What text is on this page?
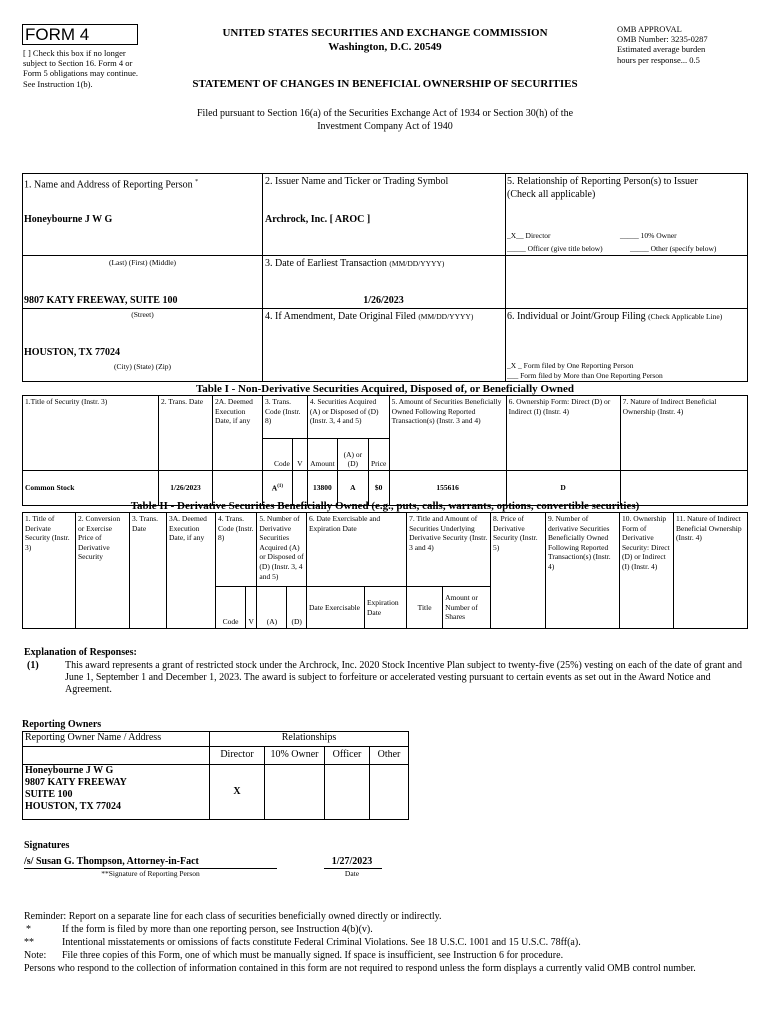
FORM 4
[ ] Check this box if no longer subject to Section 16. Form 4 or Form 5 obligations may continue. See Instruction 1(b).
UNITED STATES SECURITIES AND EXCHANGE COMMISSION
Washington, D.C. 20549
STATEMENT OF CHANGES IN BENEFICIAL OWNERSHIP OF SECURITIES
OMB APPROVAL
OMB Number: 3235-0287
Estimated average burden
hours per response... 0.5
Filed pursuant to Section 16(a) of the Securities Exchange Act of 1934 or Section 30(h) of the
Investment Company Act of 1940
1. Name and Address of Reporting Person *
Honeybourne J W G
(Last) (First) (Middle)
9807 KATY FREEWAY, SUITE 100
(Street)
HOUSTON, TX 77024
(City) (State) (Zip)
2. Issuer Name and Ticker or Trading Symbol
Archrock, Inc. [ AROC ]
3. Date of Earliest Transaction (MM/DD/YYYY)
1/26/2023
4. If Amendment, Date Original Filed (MM/DD/YYYY)
5. Relationship of Reporting Person(s) to Issuer
(Check all applicable)
_X__ Director	_____ 10% Owner
_____ Officer (give title below)	_____ Other (specify below)
6. Individual or Joint/Group Filing (Check Applicable Line)
_X _ Form filed by One Reporting Person
___ Form filed by More than One Reporting Person
Table I - Non-Derivative Securities Acquired, Disposed of, or Beneficially Owned
1.Title of Security (Instr. 3)	2. Trans. Date	2A. Deemed Execution Date, if any	3. Trans. Code (Instr. 8)		4. Securities Acquired (A) or Disposed of (D) (Instr. 3, 4 and 5)			5. Amount of Securities Beneficially Owned Following Reported Transaction(s) (Instr. 3 and 4)	6. Ownership Form: Direct (D) or Indirect (I) (Instr. 4)	7. Nature of Indirect Beneficial Ownership (Instr. 4)
			Code	V	Amount	(A) or (D)	Price			
Common Stock	1/26/2023		$A^{(1)}$		13800	A	$0	155616	D	
Table II - Derivative Securities Beneficially Owned (e.g., puts, calls, warrants, options, convertible securities)
1. Title of Derivate Security (Instr. 3)	2. Conversion or Exercise Price of Derivative Security	3. Trans. Date	3A. Deemed Execution Date, if any	4. Trans. Code (Instr. 8)		5. Number of Derivative Securities Acquired (A) or Disposed of (D) (Instr. 3, 4 and 5)		6. Date Exercisable and Expiration Date		7. Title and Amount of Securities Underlying Derivative Security (Instr. 3 and 4)		8. Price of Derivative Security (Instr. 5)	9. Number of derivative Securities Beneficially Owned Following Reported Transaction(s) (Instr. 4)	10. Ownership Form of Derivative Security: Direct (D) or Indirect (I) (Instr. 4)	11. Nature of Indirect Beneficial Ownership (Instr. 4)
				Code	V	(A)	(D)	Date Exercisable	Expiration Date	Title	Amount or Number of Shares				
Explanation of Responses:
(1)	This award represents a grant of restricted stock under the Archrock, Inc. 2020 Stock Incentive Plan subject to twenty-five (25%) vesting on each of the date of grant and June 1, September 1 and December 1, 2023. The award is subject to forfeiture or accelerated vesting pursuant to certain events as set out in the Award Notice and Agreement.
Reporting Owners
Reporting Owner Name / Address	Relationships			
	Director	10% Owner	Officer	Other

Honeybourne J W G
9807 KATY FREEWAY
SUITE 100
HOUSTON, TX 77024	X			
Signatures
/s/ Susan G. Thompson, Attorney-in-Fact
**Signature of Reporting Person
1/27/2023
Date
Reminder: Report on a separate line for each class of securities beneficially owned directly or indirectly.
*	If the form is filed by more than one reporting person, see Instruction 4(b)(v).
**	Intentional misstatements or omissions of facts constitute Federal Criminal Violations. See 18 U.S.C. 1001 and 15 U.S.C. 78ff(a).
Note: File three copies of this Form, one of which must be manually signed. If space is insufficient, see Instruction 6 for procedure.
Persons who respond to the collection of information contained in this form are not required to respond unless the form displays a currently valid OMB control number.
